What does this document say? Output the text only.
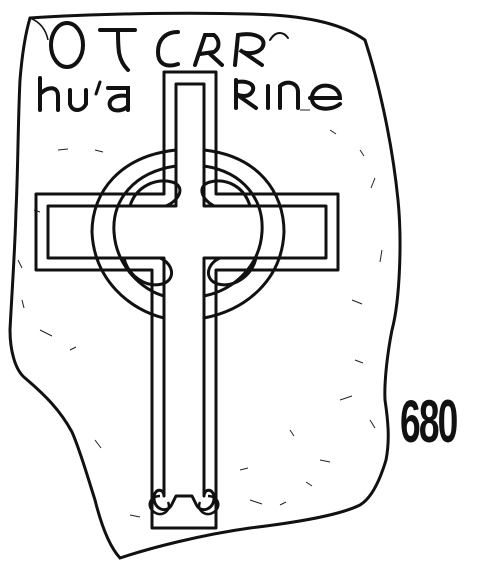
680
